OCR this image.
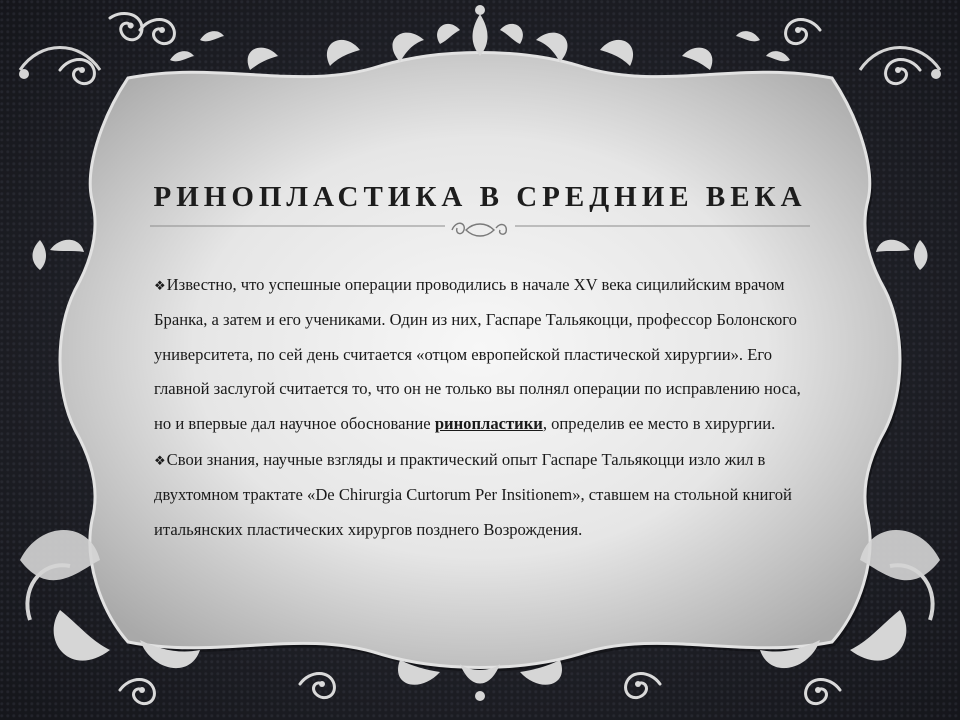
РИНОПЛАСТИКА В СРЕДНИЕ ВЕКА

❖Известно, что успешные операции проводились в начале XV века сицилийским врачом Бранка, а затем и его учениками. Один из них, Гаспаре Тальякоцци, профессор Болонского университета, по сей день считается «отцом европейской пластической хирургии». Его главной заслугой считается то, что он не только вы полнял операции по исправлению носа, но и впервые дал научное обоснование ринопластики, определив ее место в хирургии.

❖Свои знания, научные взгляды и практический опыт Гаспаре Тальякоцци изло жил в двухтомном трактате «De Chirurgia Curtorum Per Insitionem», ставшем на стольной книгой итальянских пластических хирургов позднего Возрождения.
